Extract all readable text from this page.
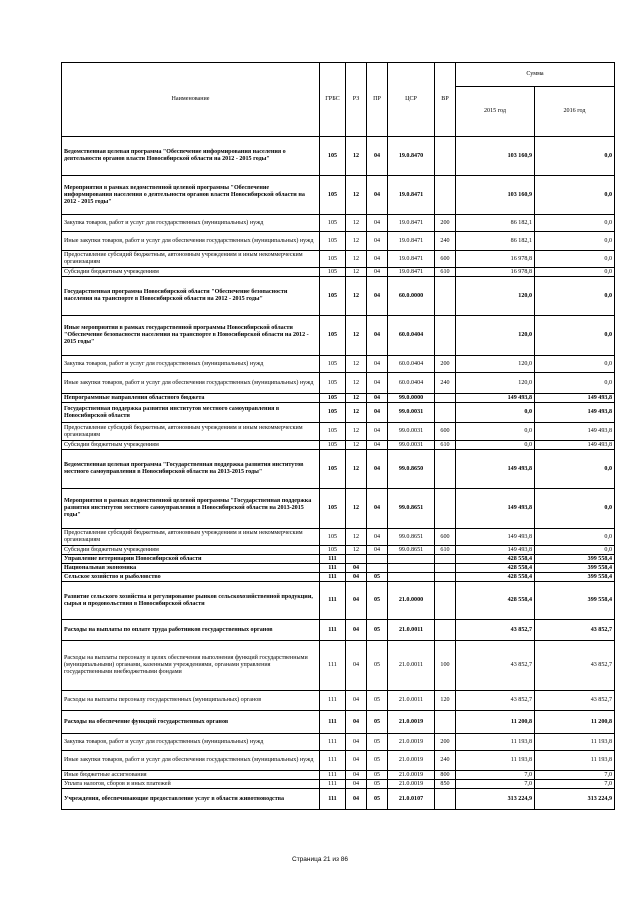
Наименование	ГРБС	РЗ	ПР	ЦСР	ВР	Сумма	
						2015 год	2016 год
Ведомственная целевая программа "Обеспечение информирования населения о деятельности органов власти Новосибирской области на 2012 - 2015 годы"	105	12	04	19.0.8470		103 160,9	0,0
Мероприятия в рамках ведомственной целевой программы "Обеспечение информирования населения о деятельности органов власти Новосибирской области на 2012 - 2015 годы"	105	12	04	19.0.8471		103 160,9	0,0
Закупка товаров, работ и услуг для государственных (муниципальных) нужд	105	12	04	19.0.8471	200	86 182,1	0,0
Иные закупки товаров, работ и услуг для обеспечения государственных (муниципальных) нужд	105	12	04	19.0.8471	240	86 182,1	0,0
Предоставление субсидий бюджетным, автономным учреждениям и иным некоммерческим организациям	105	12	04	19.0.8471	600	16 978,8	0,0
Субсидии бюджетным учреждениям	105	12	04	19.0.8471	610	16 978,8	0,0
Государственная программа Новосибирской области "Обеспечение безопасности населения на транспорте в Новосибирской области на 2012 - 2015 годы"	105	12	04	60.0.0000		120,0	0,0
Иные мероприятия в рамках государственной программы Новосибирской области "Обеспечение безопасности населения на транспорте в Новосибирской области на 2012 - 2015 годы"	105	12	04	60.0.0404		120,0	0,0
Закупка товаров, работ и услуг для государственных (муниципальных) нужд	105	12	04	60.0.0404	200	120,0	0,0
Иные закупки товаров, работ и услуг для обеспечения государственных (муниципальных) нужд	105	12	04	60.0.0404	240	120,0	0,0
Непрограммные направления областного бюджета	105	12	04	99.0.0000		149 493,8	149 493,8
Государственная поддержка развития институтов местного самоуправления в Новосибирской области	105	12	04	99.0.0031		0,0	149 493,8
Предоставление субсидий бюджетным, автономным учреждениям и иным некоммерческим организациям	105	12	04	99.0.0031	600	0,0	149 493,8
Субсидии бюджетным учреждениям	105	12	04	99.0.0031	610	0,0	149 493,8
Ведомственная целевая программа "Государственная поддержка развития институтов местного самоуправления в Новосибирской области на 2013-2015 годы"	105	12	04	99.0.8650		149 493,8	0,0
Мероприятия в рамках ведомственной целевой программы "Государственная поддержка развития институтов местного самоуправления в Новосибирской области на 2013-2015 годы"	105	12	04	99.0.8651		149 493,8	0,0
Предоставление субсидий бюджетным, автономным учреждениям и иным некоммерческим организациям	105	12	04	99.0.8651	600	149 493,8	0,0
Субсидии бюджетным учреждениям	105	12	04	99.0.8651	610	149 493,8	0,0
Управление ветеринарии Новосибирской области	111					428 558,4	399 558,4
Национальная экономика	111	04				428 558,4	399 558,4
Сельское хозяйство и рыболовство	111	04	05			428 558,4	399 558,4
Развитие сельского хозяйства и регулирование рынков сельскохозяйственной продукции, сырья и продовольствия в Новосибирской области	111	04	05	21.0.0000		428 558,4	399 558,4
Расходы на выплаты по оплате труда работников государственных органов	111	04	05	21.0.0011		43 852,7	43 852,7
Расходы на выплаты персоналу в целях обеспечения выполнения функций государственными (муниципальными) органами, казенными учреждениями, органами управления государственными внебюджетными фондами	111	04	05	21.0.0011	100	43 852,7	43 852,7
Расходы на выплаты персоналу государственных (муниципальных) органов	111	04	05	21.0.0011	120	43 852,7	43 852,7
Расходы на обеспечение функций государственных органов	111	04	05	21.0.0019		11 200,8	11 200,8
Закупка товаров, работ и услуг для государственных (муниципальных) нужд	111	04	05	21.0.0019	200	11 193,8	11 193,8
Иные закупки товаров, работ и услуг для обеспечения государственных (муниципальных) нужд	111	04	05	21.0.0019	240	11 193,8	11 193,8
Иные бюджетные ассигнования	111	04	05	21.0.0019	800	7,0	7,0
Уплата налогов, сборов и иных платежей	111	04	05	21.0.0019	850	7,0	7,0
Учреждения, обеспечивающие предоставление услуг в области животноводства	111	04	05	21.0.0107		313 224,9	313 224,9
Страница 21 из 86
